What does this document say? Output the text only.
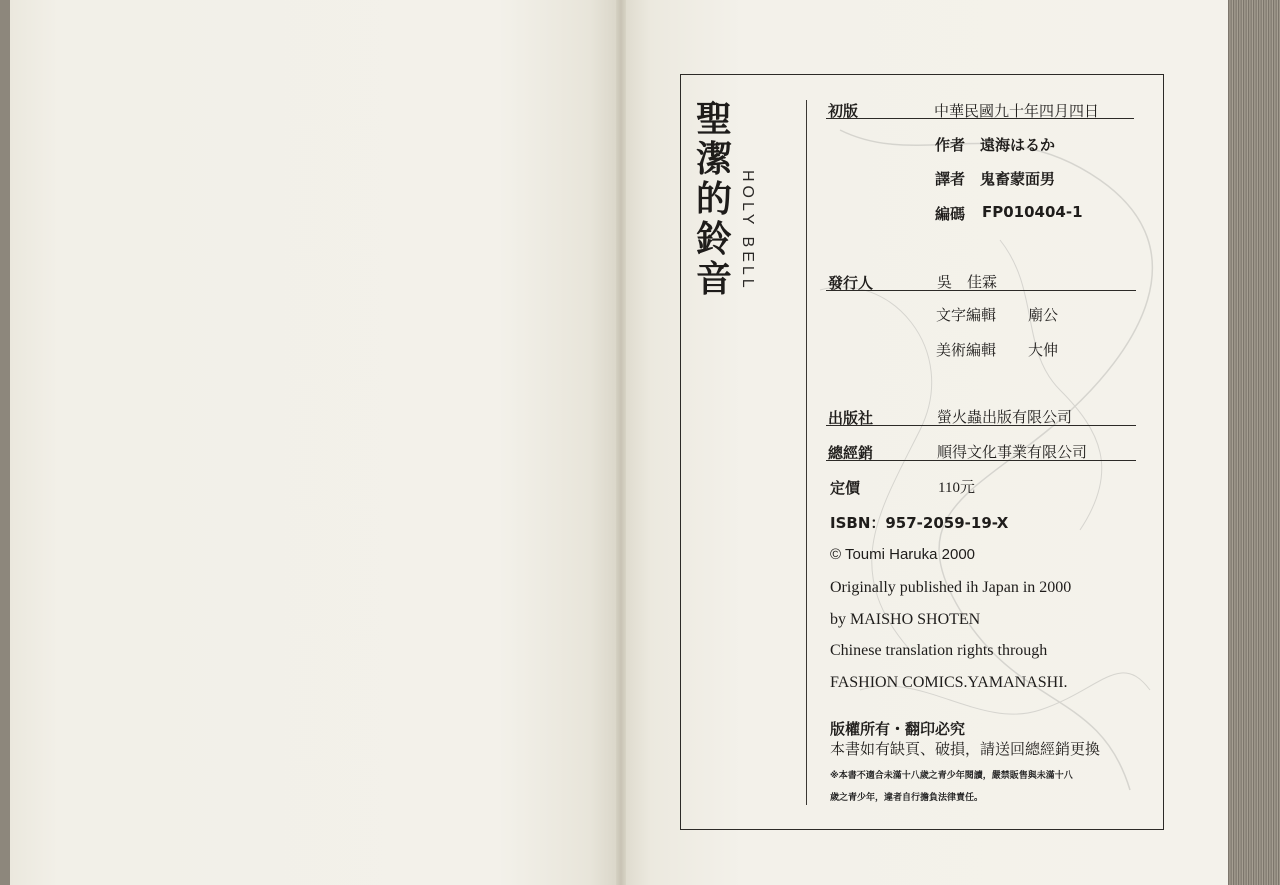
聖
潔
的
鈴
音 HOLY BELL
初版	中華民國九十年四月四日
作者 遠海はるか
譯者 鬼畜蒙面男
編碼 FP010404-1
發行人	吳　佳霖
文字編輯 廟公
美術編輯 大伸
出版社	螢火蟲出版有限公司
總經銷	順得文化事業有限公司
定價	110元
ISBN：957-2059-19-X
© Toumi Haruka 2000
Originally published ih Japan in 2000
by MAISHO SHOTEN
Chinese translation rights through
FASHION COMICS.YAMANASHI.
版權所有・翻印必究
本書如有缺頁、破損，請送回總經銷更換
※本書不適合未滿十八歲之青少年閱讀，嚴禁販售與未滿十八
歲之青少年，違者自行擔負法律責任。
